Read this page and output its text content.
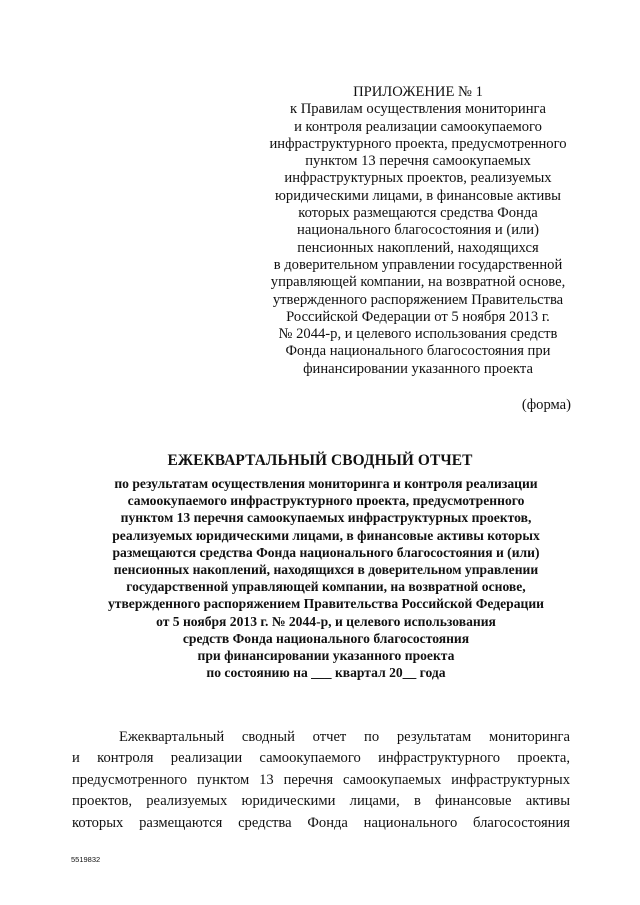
ПРИЛОЖЕНИЕ № 1
к Правилам осуществления мониторинга
и контроля реализации самоокупаемого
инфраструктурного проекта, предусмотренного
пунктом 13 перечня самоокупаемых
инфраструктурных проектов, реализуемых
юридическими лицами, в финансовые активы
которых размещаются средства Фонда
национального благосостояния и (или)
пенсионных накоплений, находящихся
в доверительном управлении государственной
управляющей компании, на возвратной основе,
утвержденного распоряжением Правительства
Российской Федерации от 5 ноября 2013 г.
№ 2044-р, и целевого использования средств
Фонда национального благосостояния при
финансировании указанного проекта
(форма)
ЕЖЕКВАРТАЛЬНЫЙ СВОДНЫЙ ОТЧЕТ
по результатам осуществления мониторинга и контроля реализации
самоокупаемого инфраструктурного проекта, предусмотренного
пунктом 13 перечня самоокупаемых инфраструктурных проектов,
реализуемых юридическими лицами, в финансовые активы которых
размещаются средства Фонда национального благосостояния и (или)
пенсионных накоплений, находящихся в доверительном управлении
государственной управляющей компании, на возвратной основе,
утвержденного распоряжением Правительства Российской Федерации
от 5 ноября 2013 г. № 2044-р, и целевого использования
средств Фонда национального благосостояния
при финансировании указанного проекта
по состоянию на ___ квартал 20__ года
Ежеквартальный сводный отчет по результатам мониторинга
и контроля реализации самоокупаемого инфраструктурного проекта,
предусмотренного пунктом 13 перечня самоокупаемых инфраструктурных
проектов, реализуемых юридическими лицами, в финансовые активы
которых размещаются средства Фонда национального благосостояния
5519832
